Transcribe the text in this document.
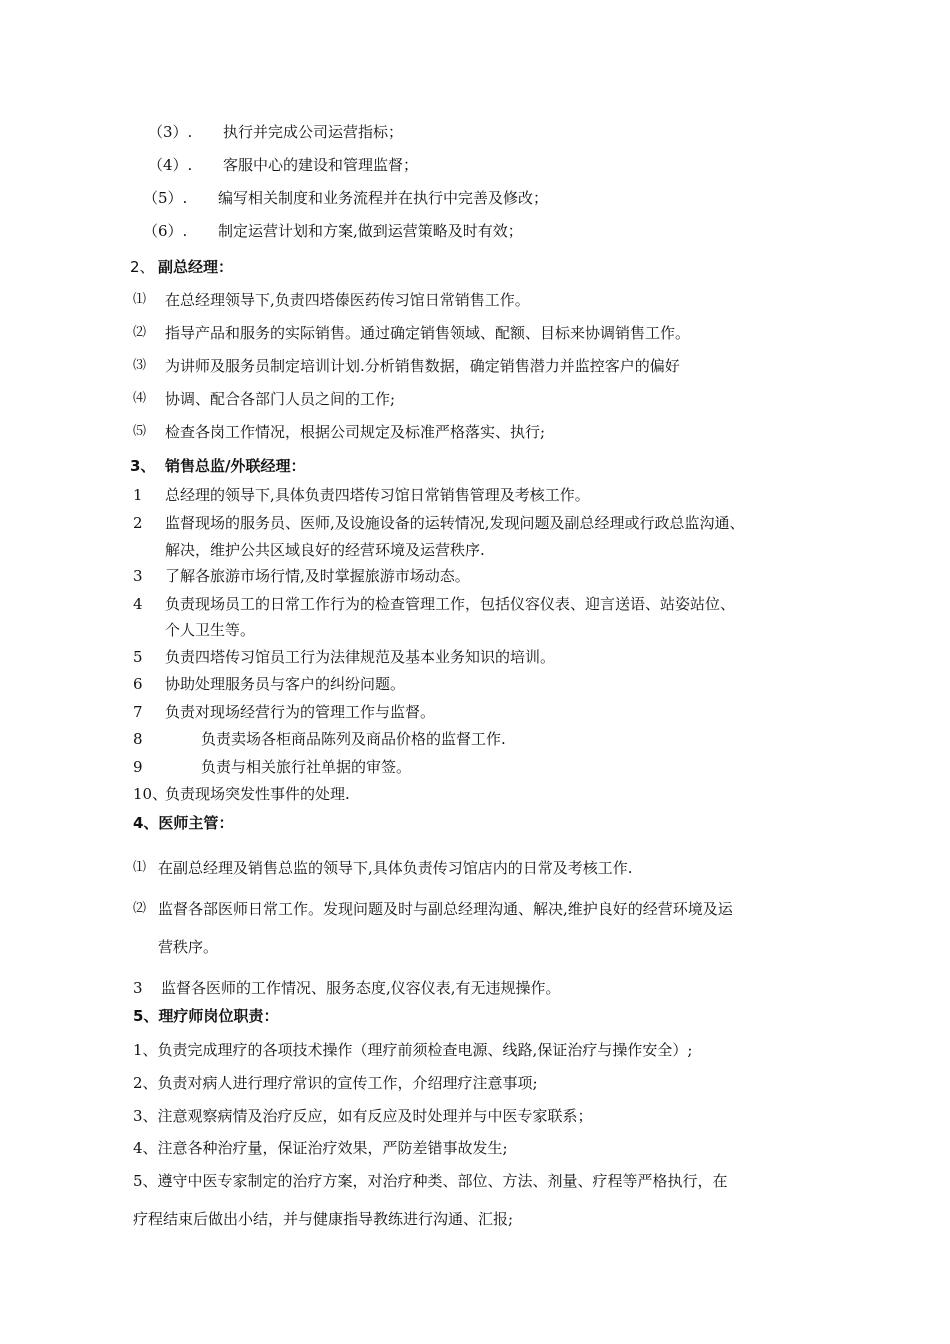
（3）. 执行并完成公司运营指标；
（4）. 客服中心的建设和管理监督；
（5）. 编写相关制度和业务流程并在执行中完善及修改；
（6）. 制定运营计划和方案,做到运营策略及时有效；
2、 副总经理：
⑴ 在总经理领导下,负责四塔傣医药传习馆日常销售工作。
⑵ 指导产品和服务的实际销售。通过确定销售领域、配额、目标来协调销售工作。
⑶ 为讲师及服务员制定培训计划.分析销售数据，确定销售潜力并监控客户的偏好
⑷ 协调、配合各部门人员之间的工作;
⑸ 检查各岗工作情况，根据公司规定及标准严格落实、执行;
3、 销售总监/外联经理：
1 总经理的领导下,具体负责四塔传习馆日常销售管理及考核工作。
2 监督现场的服务员、医师,及设施设备的运转情况,发现问题及副总经理或行政总监沟通、
解决，维护公共区域良好的经营环境及运营秩序.
3 了解各旅游市场行情,及时掌握旅游市场动态。
4 负责现场员工的日常工作行为的检查管理工作，包括仪容仪表、迎言送语、站姿站位、
个人卫生等。
5 负责四塔传习馆员工行为法律规范及基本业务知识的培训。
6 协助处理服务员与客户的纠纷问题。
7 负责对现场经营行为的管理工作与监督。
8	负责卖场各柜商品陈列及商品价格的监督工作.
9	负责与相关旅行社单据的审签。
10、
负责现场突发性事件的处理.
4、医师主管：
⑴ 在副总经理及销售总监的领导下,具体负责传习馆店内的日常及考核工作.
⑵ 监督各部医师日常工作。发现问题及时与副总经理沟通、解决,维护良好的经营环境及运
营秩序。
3 监督各医师的工作情况、服务态度,仪容仪表,有无违规操作。
5、理疗师岗位职责：
1、负责完成理疗的各项技术操作（理疗前须检查电源、线路,保证治疗与操作安全）;
2、负责对病人进行理疗常识的宣传工作，介绍理疗注意事项;
3、注意观察病情及治疗反应，如有反应及时处理并与中医专家联系；
4、注意各种治疗量，保证治疗效果，严防差错事故发生;
5、遵守中医专家制定的治疗方案，对治疗种类、部位、方法、剂量、疗程等严格执行，在
疗程结束后做出小结，并与健康指导教练进行沟通、汇报;
